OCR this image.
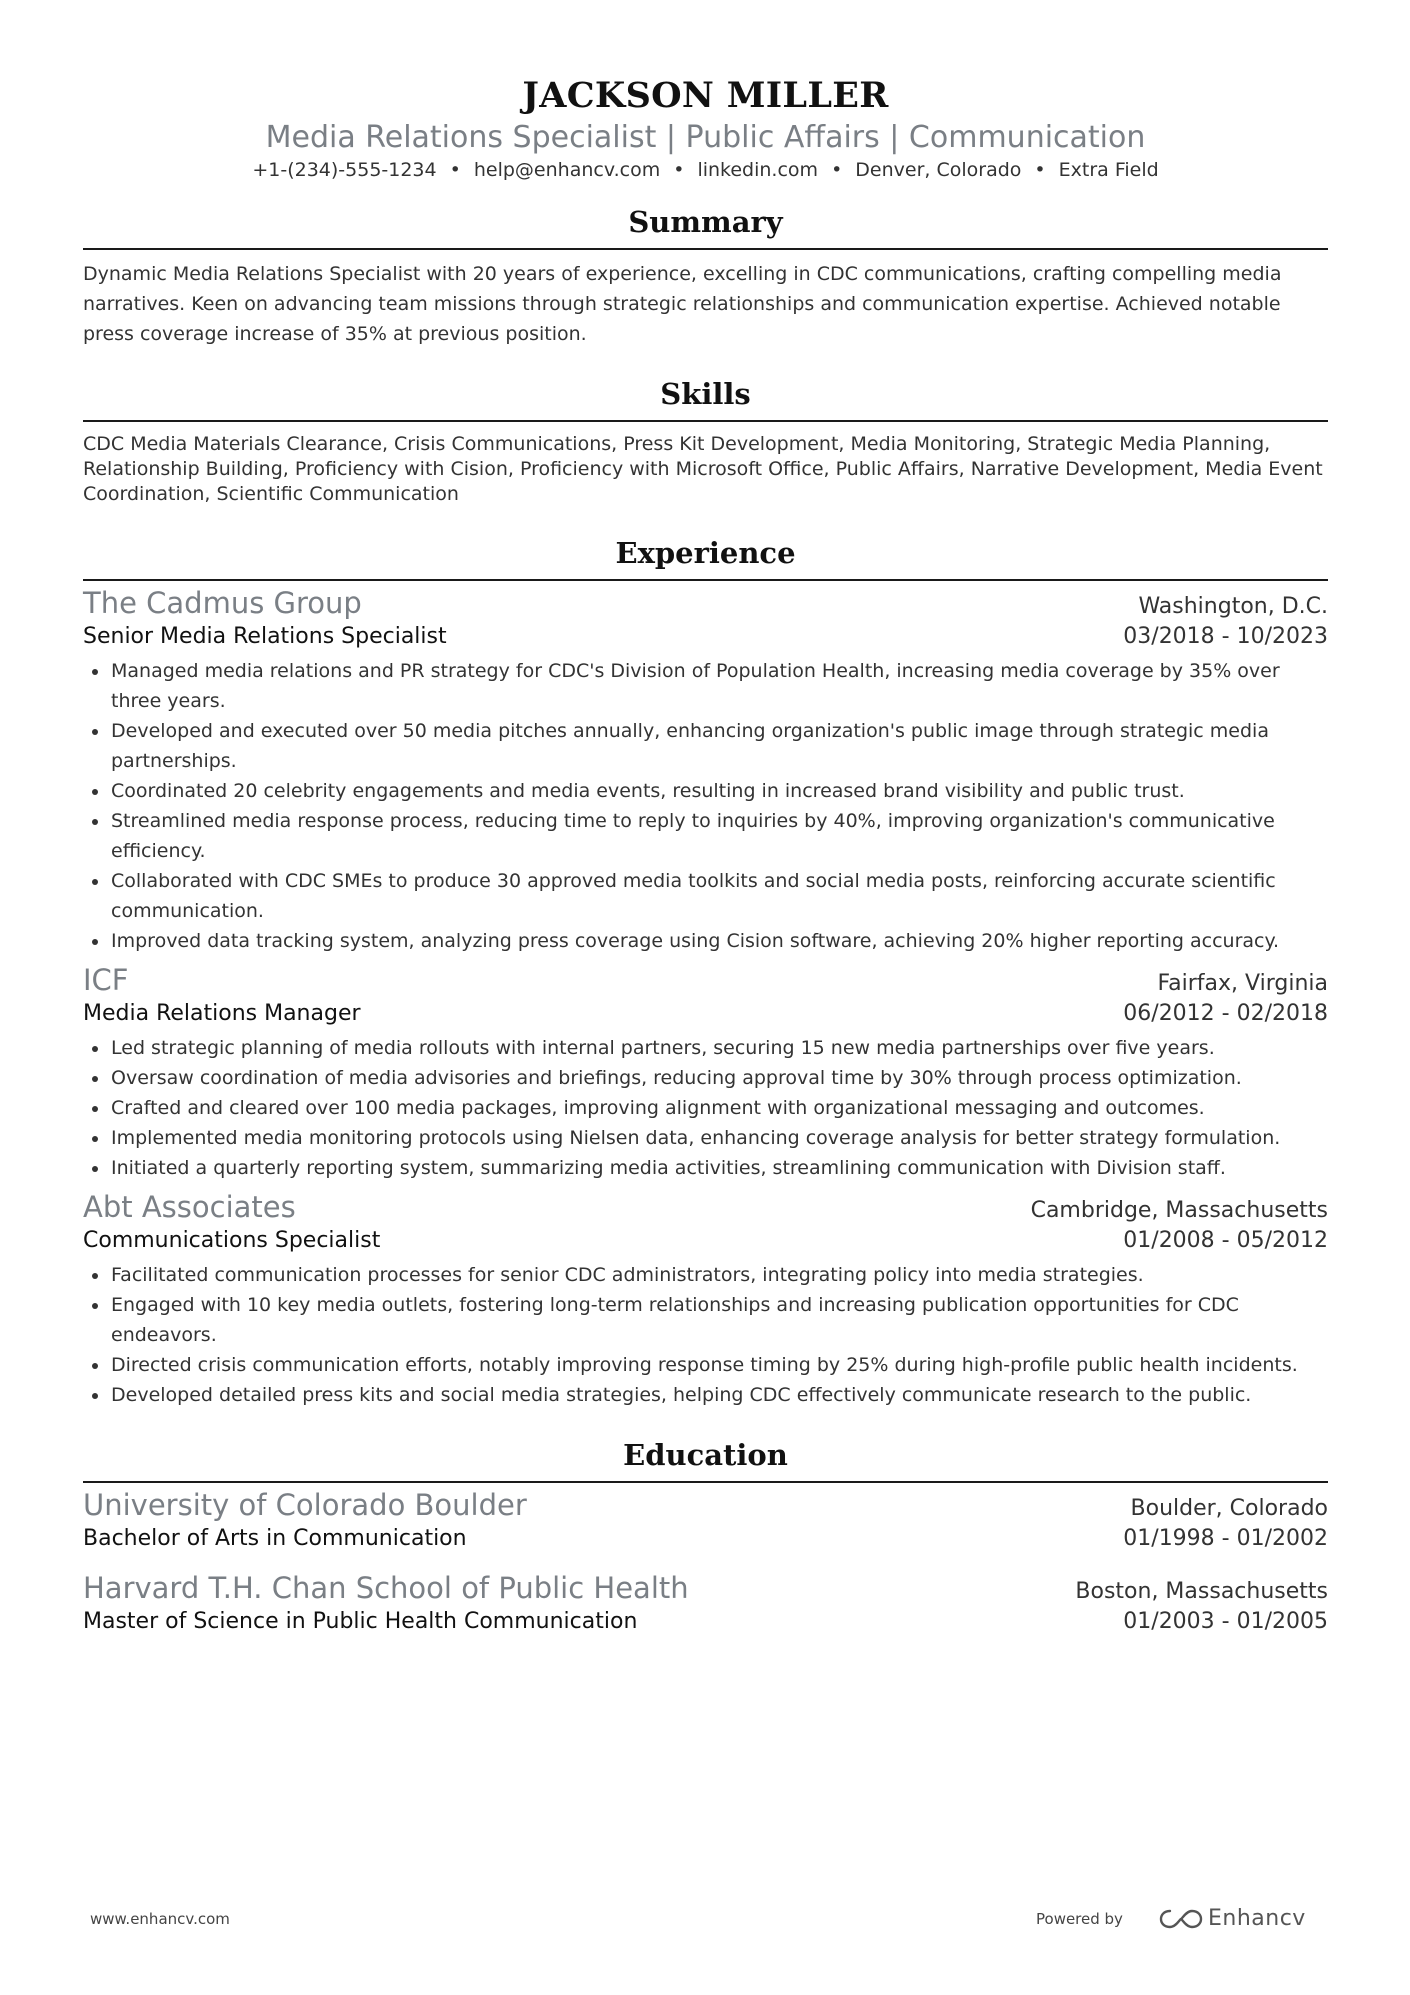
JACKSON MILLER
Media Relations Specialist | Public Affairs | Communication
+1-(234)-555-1234 • help@enhancv.com • linkedin.com • Denver, Colorado • Extra Field
Summary
Dynamic Media Relations Specialist with 20 years of experience, excelling in CDC communications, crafting compelling media narratives. Keen on advancing team missions through strategic relationships and communication expertise. Achieved notable press coverage increase of 35% at previous position.
Skills
CDC Media Materials Clearance, Crisis Communications, Press Kit Development, Media Monitoring, Strategic Media Planning, Relationship Building, Proficiency with Cision, Proficiency with Microsoft Office, Public Affairs, Narrative Development, Media Event Coordination, Scientific Communication
Experience
The Cadmus Group	Washington, D.C.
Senior Media Relations Specialist	03/2018 - 10/2023
Managed media relations and PR strategy for CDC's Division of Population Health, increasing media coverage by 35% over three years.
Developed and executed over 50 media pitches annually, enhancing organization's public image through strategic media partnerships.
Coordinated 20 celebrity engagements and media events, resulting in increased brand visibility and public trust.
Streamlined media response process, reducing time to reply to inquiries by 40%, improving organization's communicative efficiency.
Collaborated with CDC SMEs to produce 30 approved media toolkits and social media posts, reinforcing accurate scientific communication.
Improved data tracking system, analyzing press coverage using Cision software, achieving 20% higher reporting accuracy.
ICF	Fairfax, Virginia
Media Relations Manager	06/2012 - 02/2018
Led strategic planning of media rollouts with internal partners, securing 15 new media partnerships over five years.
Oversaw coordination of media advisories and briefings, reducing approval time by 30% through process optimization.
Crafted and cleared over 100 media packages, improving alignment with organizational messaging and outcomes.
Implemented media monitoring protocols using Nielsen data, enhancing coverage analysis for better strategy formulation.
Initiated a quarterly reporting system, summarizing media activities, streamlining communication with Division staff.
Abt Associates	Cambridge, Massachusetts
Communications Specialist	01/2008 - 05/2012
Facilitated communication processes for senior CDC administrators, integrating policy into media strategies.
Engaged with 10 key media outlets, fostering long-term relationships and increasing publication opportunities for CDC endeavors.
Directed crisis communication efforts, notably improving response timing by 25% during high-profile public health incidents.
Developed detailed press kits and social media strategies, helping CDC effectively communicate research to the public.
Education
University of Colorado Boulder	Boulder, Colorado
Bachelor of Arts in Communication	01/1998 - 01/2002
Harvard T.H. Chan School of Public Health	Boston, Massachusetts
Master of Science in Public Health Communication	01/2003 - 01/2005
www.enhancv.com	Powered by	Enhancv
